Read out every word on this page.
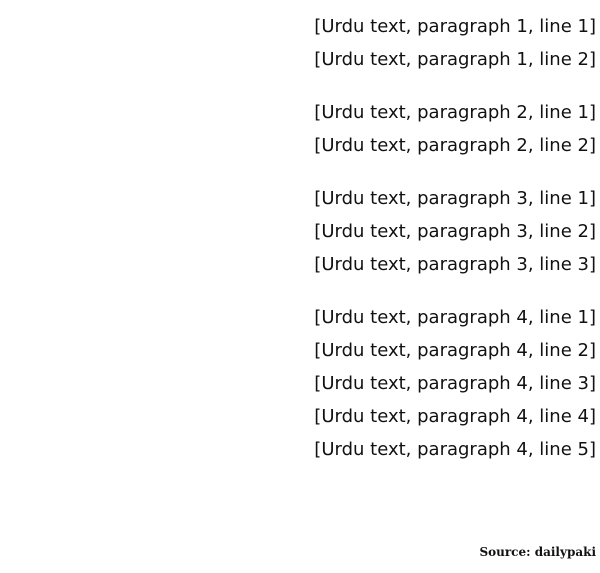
[Urdu text, paragraph 1, line 1]
[Urdu text, paragraph 1, line 2]

[Urdu text, paragraph 2, line 1]
[Urdu text, paragraph 2, line 2]

[Urdu text, paragraph 3, line 1]
[Urdu text, paragraph 3, line 2]
[Urdu text, paragraph 3, line 3]

[Urdu text, paragraph 4, line 1]
[Urdu text, paragraph 4, line 2]
[Urdu text, paragraph 4, line 3]
[Urdu text, paragraph 4, line 4]
[Urdu text, paragraph 4, line 5]

Source: dailypaki
